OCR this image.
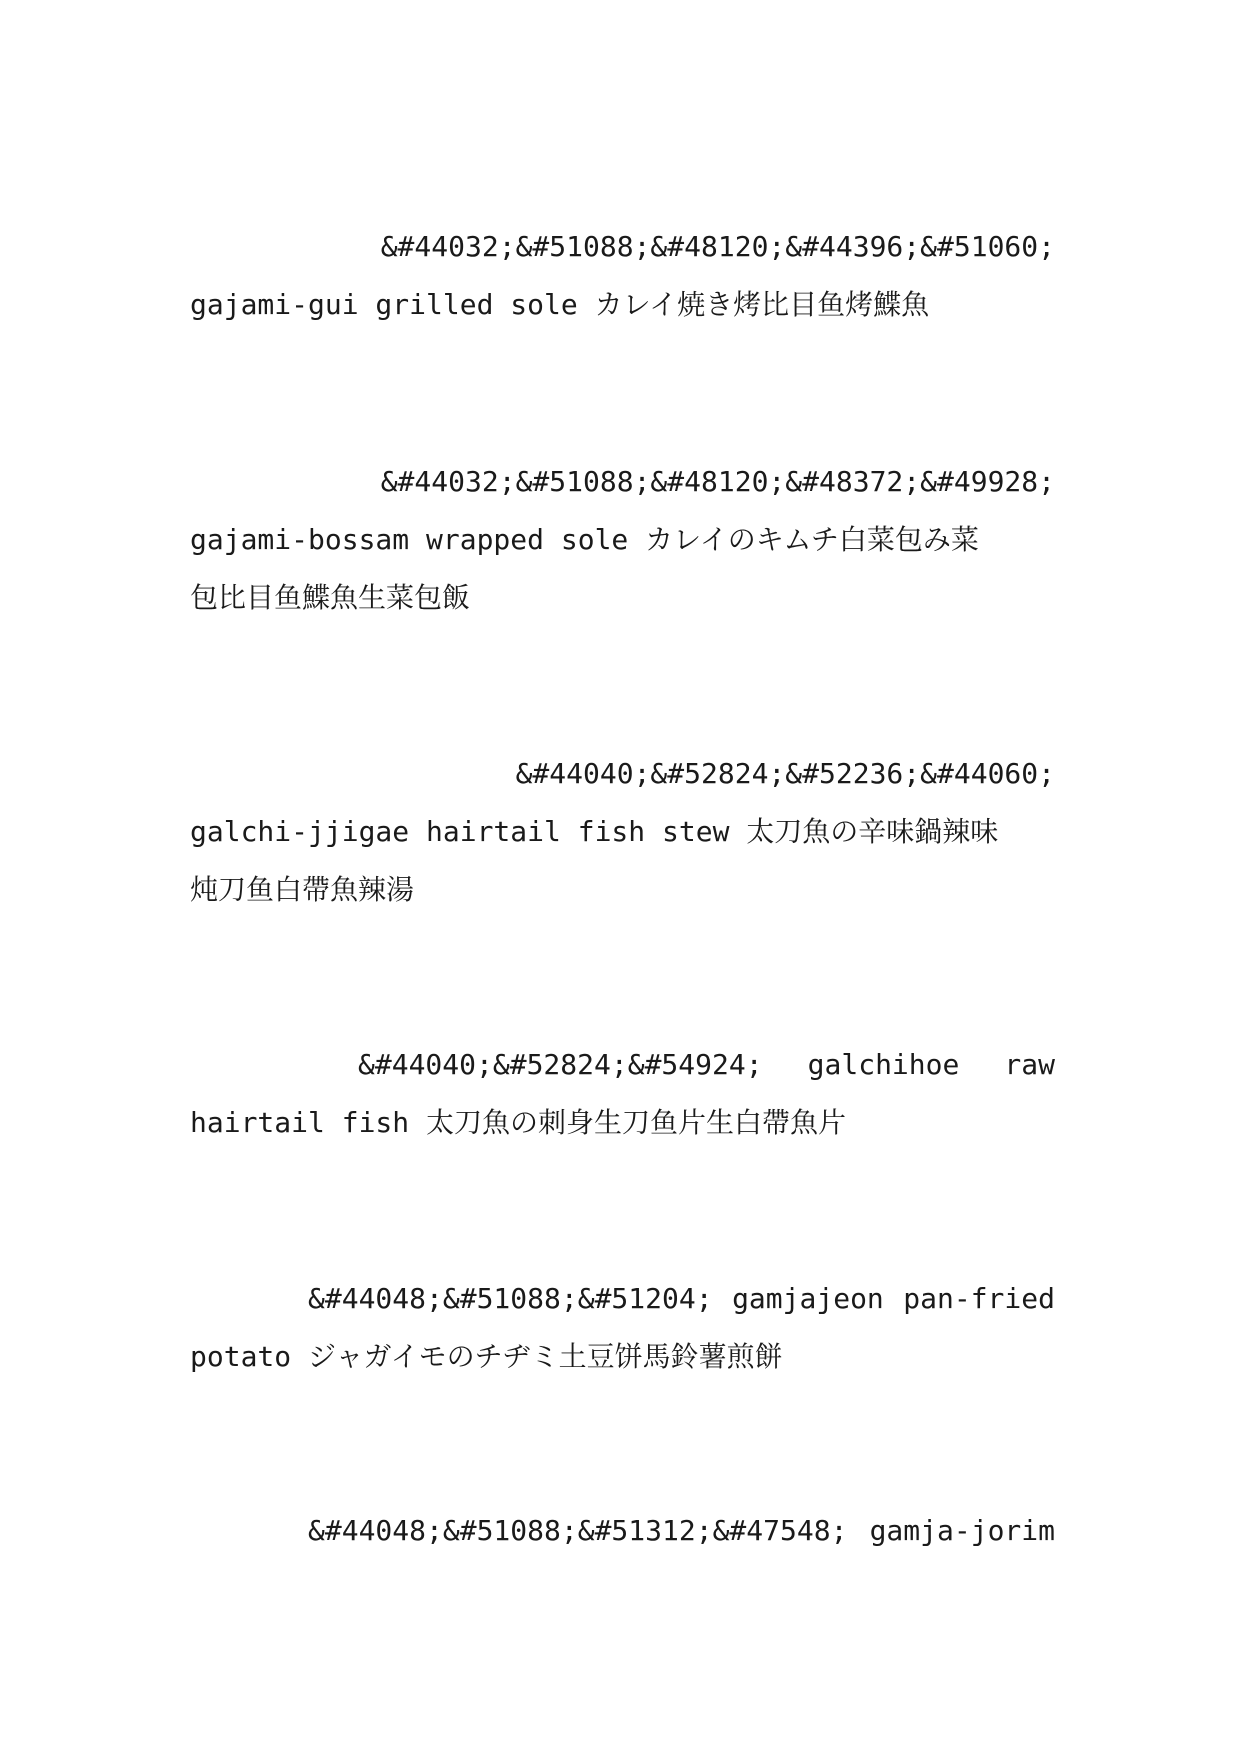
&#44032;&#51088;&#48120;&#44396;&#51060;
gajami-gui grilled sole カレイ焼き烤比目鱼烤鰈魚
&#44032;&#51088;&#48120;&#48372;&#49928;
gajami-bossam wrapped sole カレイのキムチ白菜包み菜
包比目鱼鰈魚生菜包飯
&#44040;&#52824;&#52236;&#44060;
galchi-jjigae hairtail fish stew 太刀魚の辛味鍋辣味
炖刀鱼白帶魚辣湯
&#44040;&#52824;&#54924; galchihoe raw
hairtail fish 太刀魚の刺身生刀鱼片生白帶魚片
&#44048;&#51088;&#51204; gamjajeon pan-fried
potato ジャガイモのチヂミ土豆饼馬鈴薯煎餅
&#44048;&#51088;&#51312;&#47548; gamja-jorim
